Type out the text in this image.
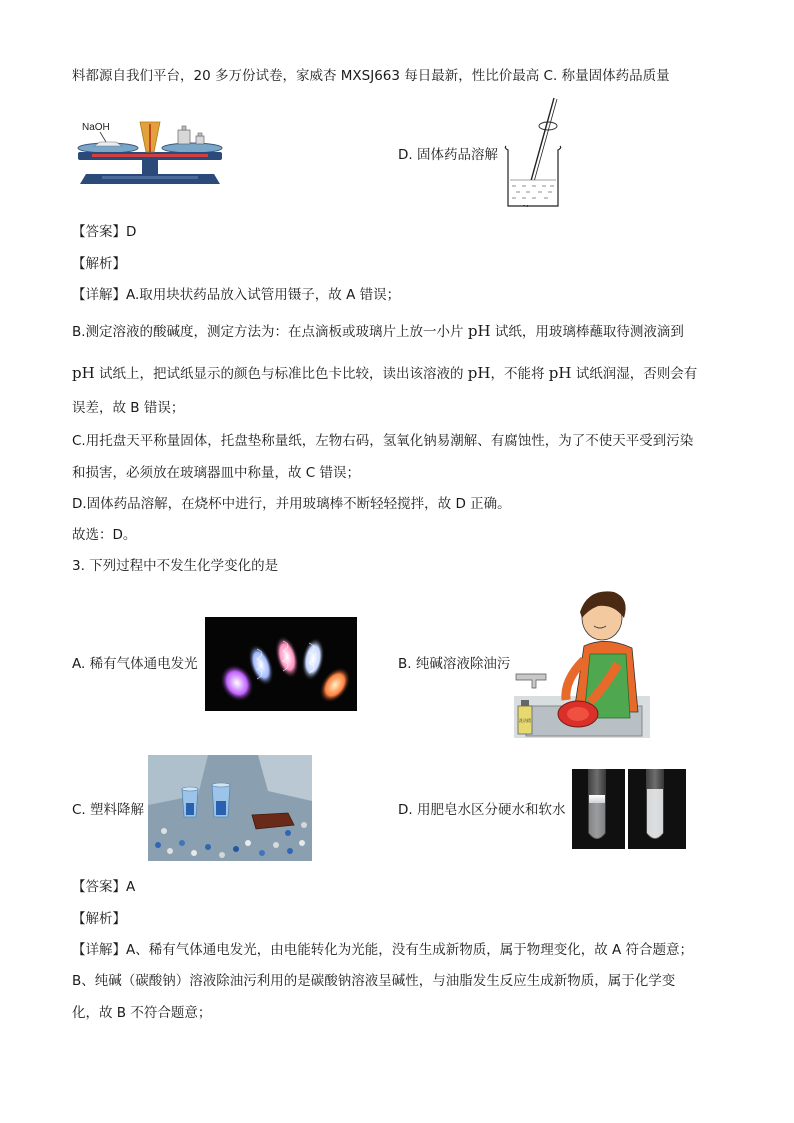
料都源自我们平台，20 多万份试卷，家威杏 MXSJ663 每日最新，性比价最高 C. 称量固体药品质量
NaOH
D. 固体药品溶解
【答案】D
【解析】
【详解】A.取用块状药品放入试管用镊子，故 A 错误；
B.测定溶液的酸碱度，测定方法为：在点滴板或玻璃片上放一小片 pH 试纸，用玻璃棒蘸取待测液滴到
pH 试纸上，把试纸显示的颜色与标准比色卡比较，读出该溶液的 pH，不能将 pH 试纸润湿，否则会有
误差，故 B 错误；
C.用托盘天平称量固体，托盘垫称量纸，左物右码，氢氧化钠易潮解、有腐蚀性，为了不使天平受到污染
和损害，必须放在玻璃器皿中称量，故 C 错误；
D.固体药品溶解，在烧杯中进行，并用玻璃棒不断轻轻搅拌，故 D 正确。
故选：D。
3. 下列过程中不发生化学变化的是
A. 稀有气体通电发光	B. 纯碱溶液除油污
洗洁精
C. 塑料降解	D. 用肥皂水区分硬水和软水
【答案】A
【解析】
【详解】A、稀有气体通电发光，由电能转化为光能，没有生成新物质，属于物理变化，故 A 符合题意；
B、纯碱（碳酸钠）溶液除油污利用的是碳酸钠溶液呈碱性，与油脂发生反应生成新物质，属于化学变
化，故 B 不符合题意；
